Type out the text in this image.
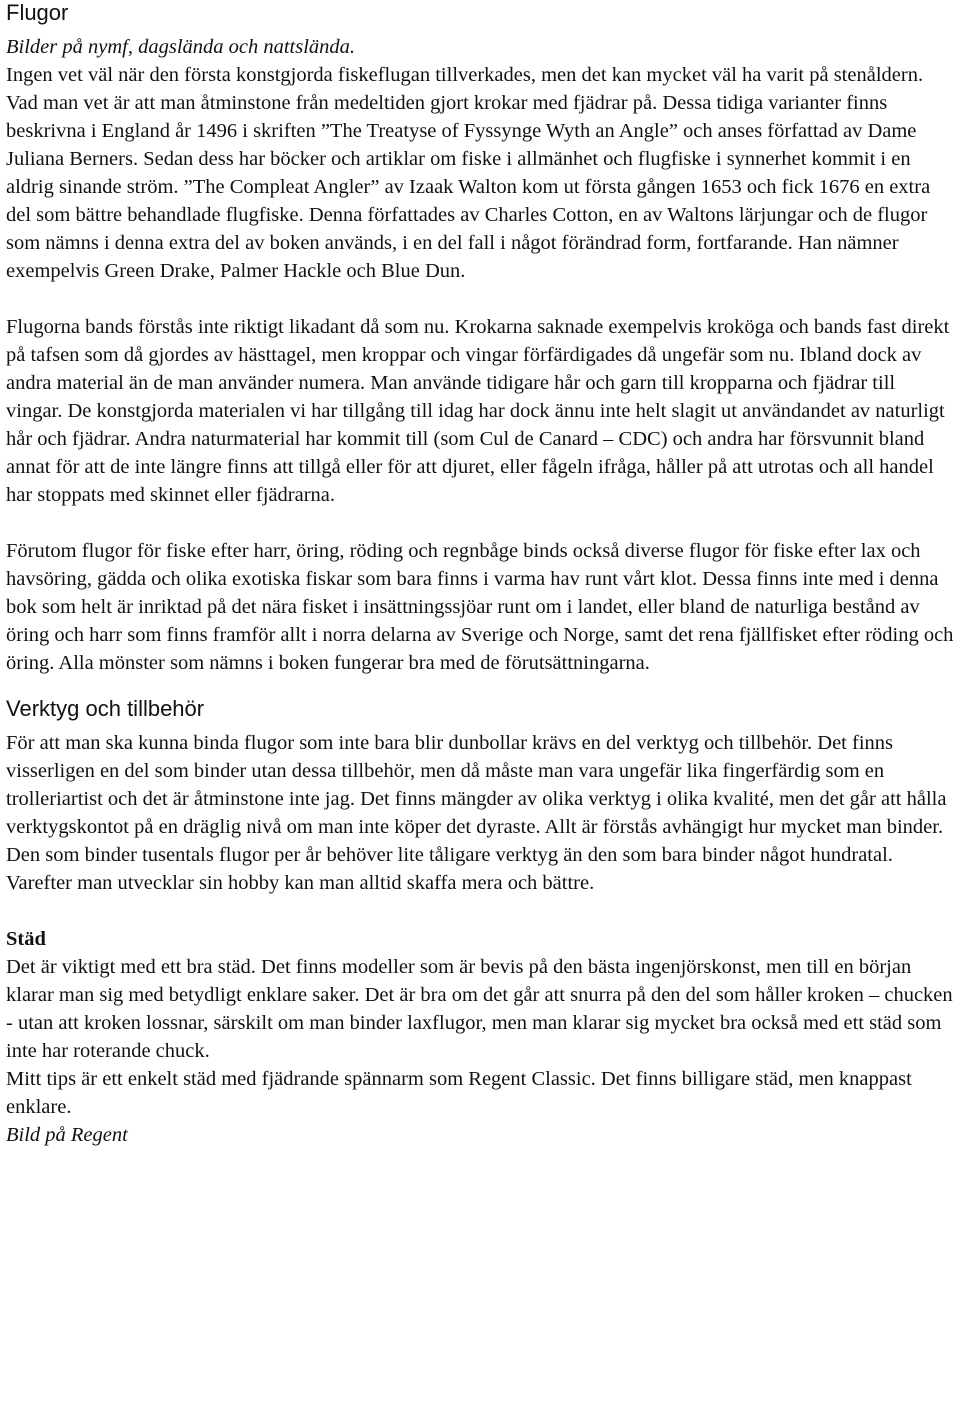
Flugor

Bilder på nymf, dagslända och nattslända.

Ingen vet väl när den första konstgjorda fiskeflugan tillverkades, men det kan mycket väl ha varit på stenåldern. Vad man vet är att man åtminstone från medeltiden gjort krokar med fjädrar på. Dessa tidiga varianter finns beskrivna i England år 1496 i skriften ”The Treatyse of Fyssynge Wyth an Angle” och anses författad av Dame Juliana Berners. Sedan dess har böcker och artiklar om fiske i allmänhet och flugfiske i synnerhet kommit i en aldrig sinande ström. ”The Compleat Angler” av Izaak Walton kom ut första gången 1653 och fick 1676 en extra del som bättre behandlade flugfiske. Denna författades av Charles Cotton, en av Waltons lärjungar och de flugor som nämns i denna extra del av boken används, i en del fall i något förändrad form, fortfarande. Han nämner exempelvis Green Drake, Palmer Hackle och Blue Dun.

Flugorna bands förstås inte riktigt likadant då som nu. Krokarna saknade exempelvis kroköga och bands fast direkt på tafsen som då gjordes av hästtagel, men kroppar och vingar förfärdigades då ungefär som nu. Ibland dock av andra material än de man använder numera. Man använde tidigare hår och garn till kropparna och fjädrar till vingar. De konstgjorda materialen vi har tillgång till idag har dock ännu inte helt slagit ut användandet av naturligt hår och fjädrar. Andra naturmaterial har kommit till (som Cul de Canard – CDC) och andra har försvunnit bland annat för att de inte längre finns att tillgå eller för att djuret, eller fågeln ifråga, håller på att utrotas och all handel har stoppats med skinnet eller fjädrarna.

Förutom flugor för fiske efter harr, öring, röding och regnbåge binds också diverse flugor för fiske efter lax och havsöring, gädda och olika exotiska fiskar som bara finns i varma hav runt vårt klot. Dessa finns inte med i denna bok som helt är inriktad på det nära fisket i insättningssjöar runt om i landet, eller bland de naturliga bestånd av öring och harr som finns framför allt i norra delarna av Sverige och Norge, samt det rena fjällfisket efter röding och öring. Alla mönster som nämns i boken fungerar bra med de förutsättningarna.

Verktyg och tillbehör

För att man ska kunna binda flugor som inte bara blir dunbollar krävs en del verktyg och tillbehör. Det finns visserligen en del som binder utan dessa tillbehör, men då måste man vara ungefär lika fingerfärdig som en trolleriartist och det är åtminstone inte jag. Det finns mängder av olika verktyg i olika kvalité, men det går att hålla verktygskontot på en dräglig nivå om man inte köper det dyraste. Allt är förstås avhängigt hur mycket man binder. Den som binder tusentals flugor per år behöver lite tåligare verktyg än den som bara binder något hundratal. Varefter man utvecklar sin hobby kan man alltid skaffa mera och bättre.

Städ

Det är viktigt med ett bra städ. Det finns modeller som är bevis på den bästa ingenjörskonst, men till en början klarar man sig med betydligt enklare saker. Det är bra om det går att snurra på den del som håller kroken – chucken - utan att kroken lossnar, särskilt om man binder laxflugor, men man klarar sig mycket bra också med ett städ som inte har roterande chuck.

Mitt tips är ett enkelt städ med fjädrande spännarm som Regent Classic. Det finns billigare städ, men knappast enklare.

Bild på Regent
